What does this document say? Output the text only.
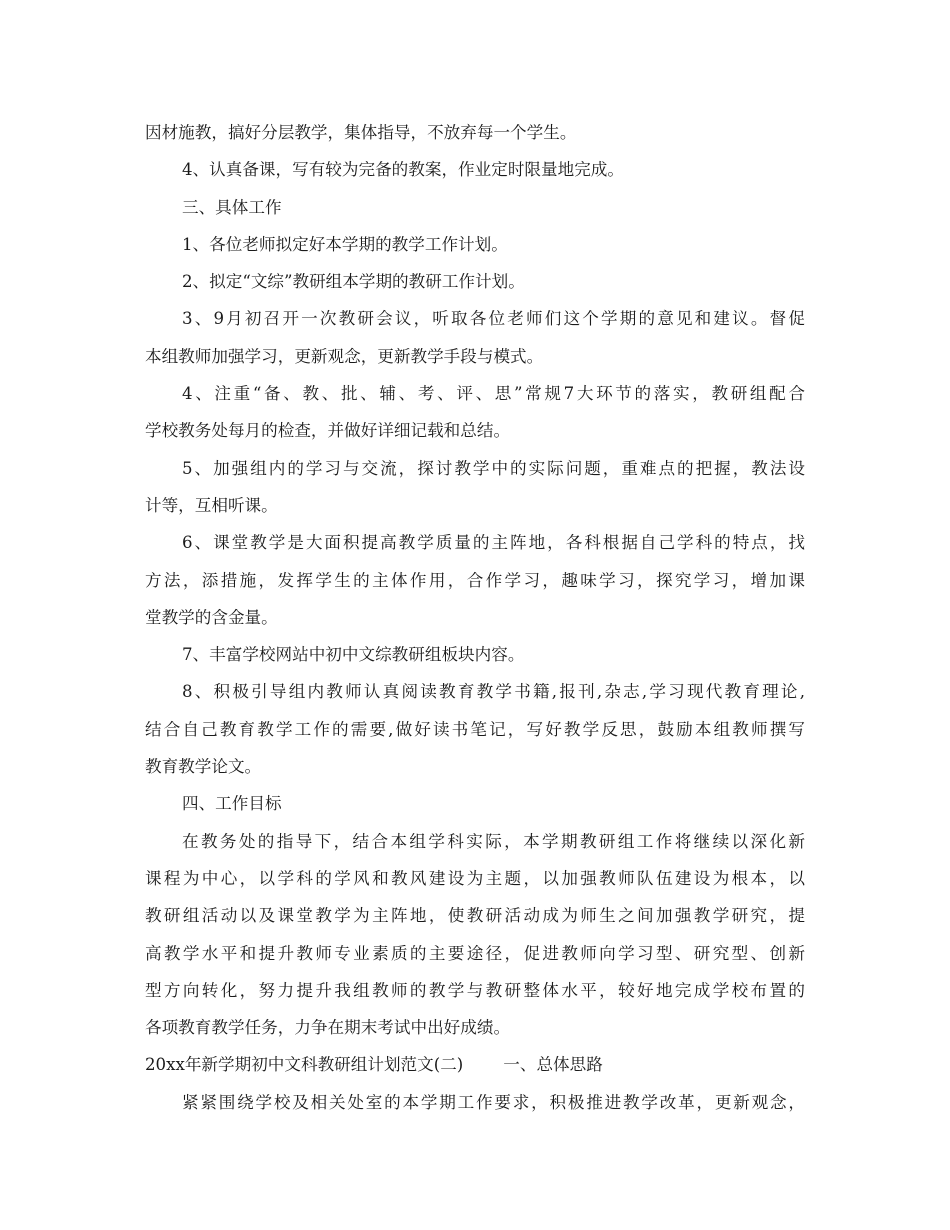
因材施教，搞好分层教学，集体指导，不放弃每一个学生。
4、认真备课，写有较为完备的教案，作业定时限量地完成。
三、具体工作
1、各位老师拟定好本学期的教学工作计划。
2、拟定“文综”教研组本学期的教研工作计划。
3、9月初召开一次教研会议，听取各位老师们这个学期的意见和建议。督促
本组教师加强学习，更新观念，更新教学手段与模式。
4、注重“备、教、批、辅、考、评、思”常规7大环节的落实，教研组配合
学校教务处每月的检查，并做好详细记载和总结。
5、加强组内的学习与交流，探讨教学中的实际问题，重难点的把握，教法设
计等，互相听课。
6、课堂教学是大面积提高教学质量的主阵地，各科根据自己学科的特点，找
方法，添措施，发挥学生的主体作用，合作学习，趣味学习，探究学习，增加课
堂教学的含金量。
7、丰富学校网站中初中文综教研组板块内容。
8、积极引导组内教师认真阅读教育教学书籍,报刊,杂志,学习现代教育理论,
结合自己教育教学工作的需要,做好读书笔记，写好教学反思，鼓励本组教师撰写
教育教学论文。
四、工作目标
在教务处的指导下，结合本组学科实际，本学期教研组工作将继续以深化新
课程为中心，以学科的学风和教风建设为主题，以加强教师队伍建设为根本，以
教研组活动以及课堂教学为主阵地，使教研活动成为师生之间加强教学研究，提
高教学水平和提升教师专业素质的主要途径，促进教师向学习型、研究型、创新
型方向转化，努力提升我组教师的教学与教研整体水平，较好地完成学校布置的
各项教育教学任务，力争在期末考试中出好成绩。
20xx年新学期初中文科教研组计划范文(二) 一、总体思路
紧紧围绕学校及相关处室的本学期工作要求，积极推进教学改革，更新观念，
